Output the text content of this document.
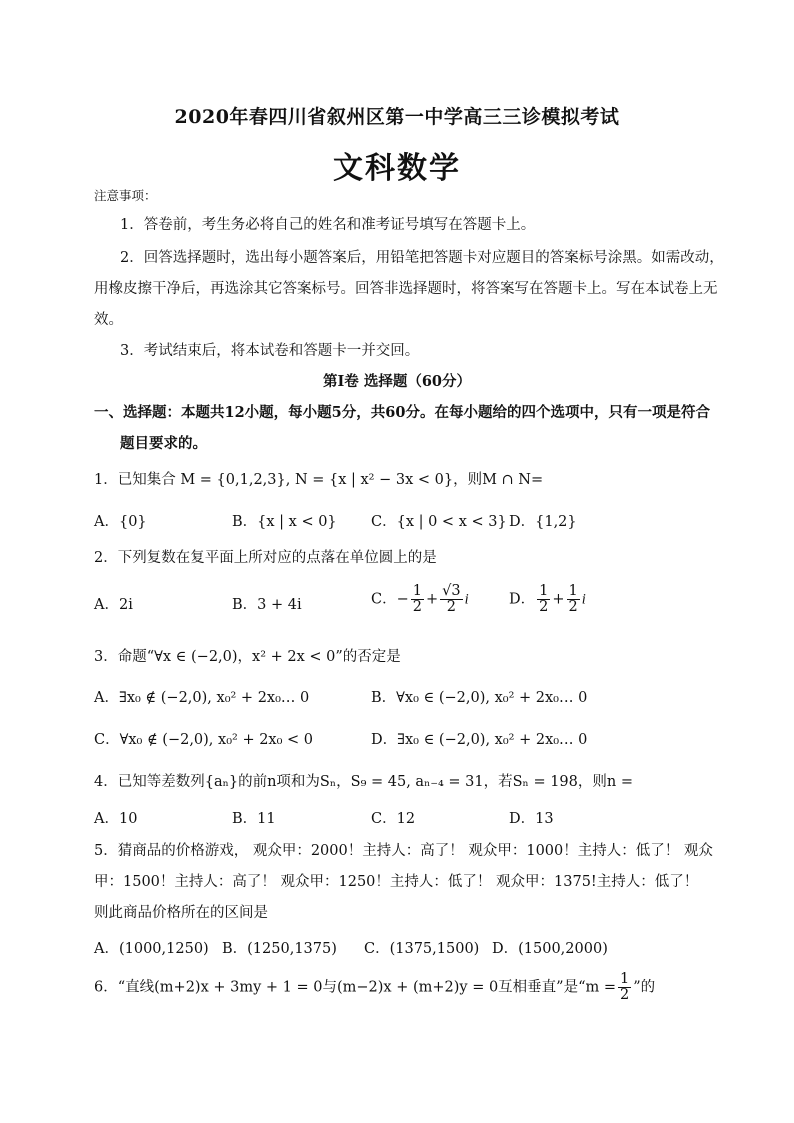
2020年春四川省叙州区第一中学高三三诊模拟考试
文科数学
注意事项：
1．答卷前，考生务必将自己的姓名和准考证号填写在答题卡上。
2．回答选择题时，选出每小题答案后，用铅笔把答题卡对应题目的答案标号涂黑。如需改动，
用橡皮擦干净后，再选涂其它答案标号。回答非选择题时，将答案写在答题卡上。写在本试卷上无
效。
3．考试结束后，将本试卷和答题卡一并交回。
第Ⅰ卷 选择题（60分）
一、选择题：本题共12小题，每小题5分，共60分。在每小题给的四个选项中，只有一项是符合
题目要求的。
1．已知集合 M = {0,1,2,3}, N = {x | x² − 3x < 0}，则M ∩ N=
A．{0}	B．{x | x < 0} C．{x | 0 < x < 3} D．{1,2}
2．下列复数在复平面上所对应的点落在单位圆上的是
A．2i	B．3 + 4i	C．− $\frac{1}{2} + \frac{√3}{2}$ i	D． $\frac{1}{2} + \frac{1}{2}$ i
3．命题“∀x ∈ (−2,0)，x² + 2x < 0”的否定是
A．∃x₀ ∉ (−2,0), x₀² + 2x₀… 0	B．∀x₀ ∈ (−2,0), x₀² + 2x₀… 0
C．∀x₀ ∉ (−2,0), x₀² + 2x₀ < 0	D．∃x₀ ∈ (−2,0), x₀² + 2x₀… 0
4．已知等差数列{aₙ}的前n项和为Sₙ，S₉ = 45, aₙ₋₄ = 31，若Sₙ = 198，则n =
A．10	B．11	C．12	D．13
5．猜商品的价格游戏， 观众甲：2000！主持人：高了！ 观众甲：1000！主持人：低了！ 观众
甲：1500！主持人：高了！ 观众甲：1250！主持人：低了！ 观众甲：1375!主持人：低了！
则此商品价格所在的区间是
A．(1000,1250) B．(1250,1375) C．(1375,1500) D．(1500,2000)
6．“直线(m+2)x + 3my + 1 = 0与(m−2)x + (m+2)y = 0互相垂直”是“$m = \frac{1}{2}$ ”的
